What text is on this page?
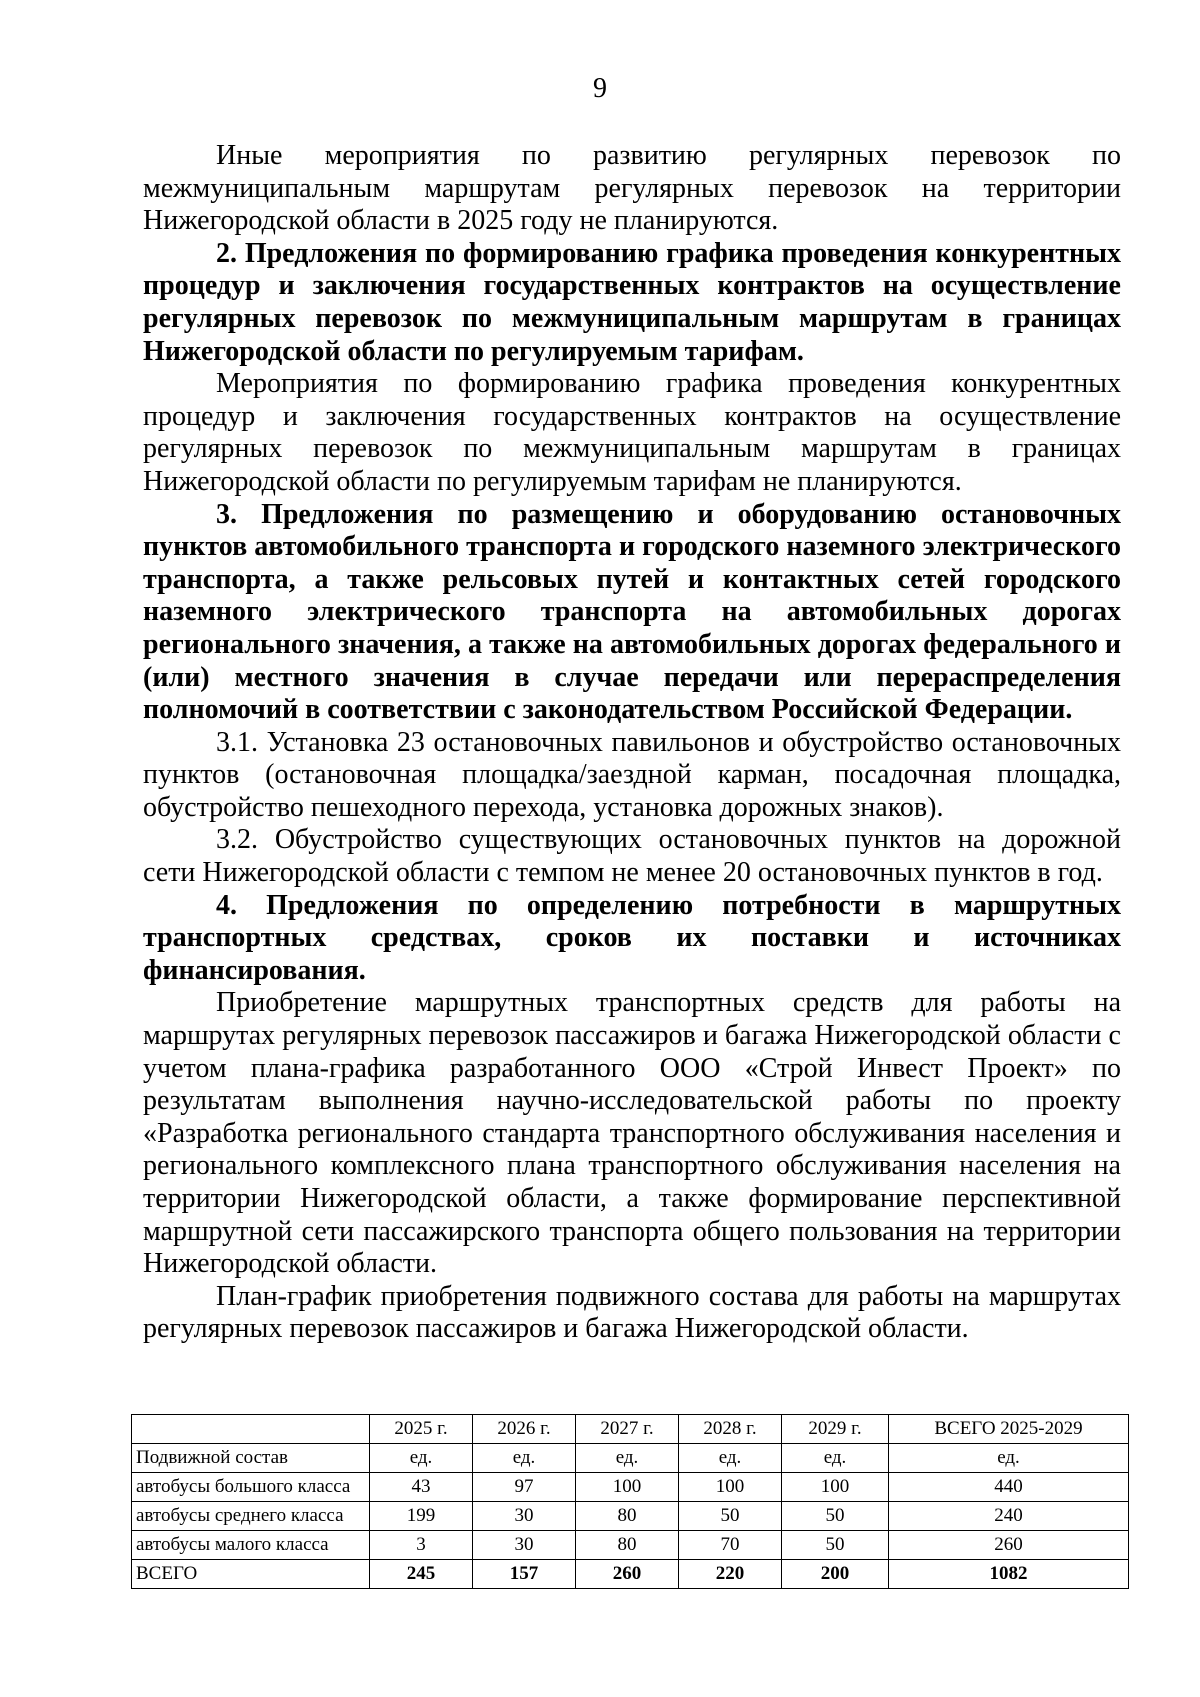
9

Иные мероприятия по развитию регулярных перевозок по межмуниципальным маршрутам регулярных перевозок на территории Нижегородской области в 2025 году не планируются.

2. Предложения по формированию графика проведения конкурентных процедур и заключения государственных контрактов на осуществление регулярных перевозок по межмуниципальным маршрутам в границах Нижегородской области по регулируемым тарифам.

Мероприятия по формированию графика проведения конкурентных процедур и заключения государственных контрактов на осуществление регулярных перевозок по межмуниципальным маршрутам в границах Нижегородской области по регулируемым тарифам не планируются.

3. Предложения по размещению и оборудованию остановочных пунктов автомобильного транспорта и городского наземного электрического транспорта, а также рельсовых путей и контактных сетей городского наземного электрического транспорта на автомобильных дорогах регионального значения, а также на автомобильных дорогах федерального и (или) местного значения в случае передачи или перераспределения полномочий в соответствии с законодательством Российской Федерации.

3.1. Установка 23 остановочных павильонов и обустройство остановочных пунктов (остановочная площадка/заездной карман, посадочная площадка, обустройство пешеходного перехода, установка дорожных знаков).

3.2. Обустройство существующих остановочных пунктов на дорожной сети Нижегородской области с темпом не менее 20 остановочных пунктов в год.

4. Предложения по определению потребности в маршрутных транспортных средствах, сроков их поставки и источниках финансирования.

Приобретение маршрутных транспортных средств для работы на маршрутах регулярных перевозок пассажиров и багажа Нижегородской области с учетом плана-графика разработанного ООО «Строй Инвест Проект» по результатам выполнения научно-исследовательской работы по проекту «Разработка регионального стандарта транспортного обслуживания населения и регионального комплексного плана транспортного обслуживания населения на территории Нижегородской области, а также формирование перспективной маршрутной сети пассажирского транспорта общего пользования на территории Нижегородской области.

План-график приобретения подвижного состава для работы на маршрутах регулярных перевозок пассажиров и багажа Нижегородской области.

	2025 г.	2026 г.	2027 г.	2028 г.	2029 г.	ВСЕГО 2025-2029
Подвижной состав	ед.	ед.	ед.	ед.	ед.	ед.
автобусы большого класса	43	97	100	100	100	440
автобусы среднего класса	199	30	80	50	50	240
автобусы малого класса	3	30	80	70	50	260
ВСЕГО	245	157	260	220	200	1082
